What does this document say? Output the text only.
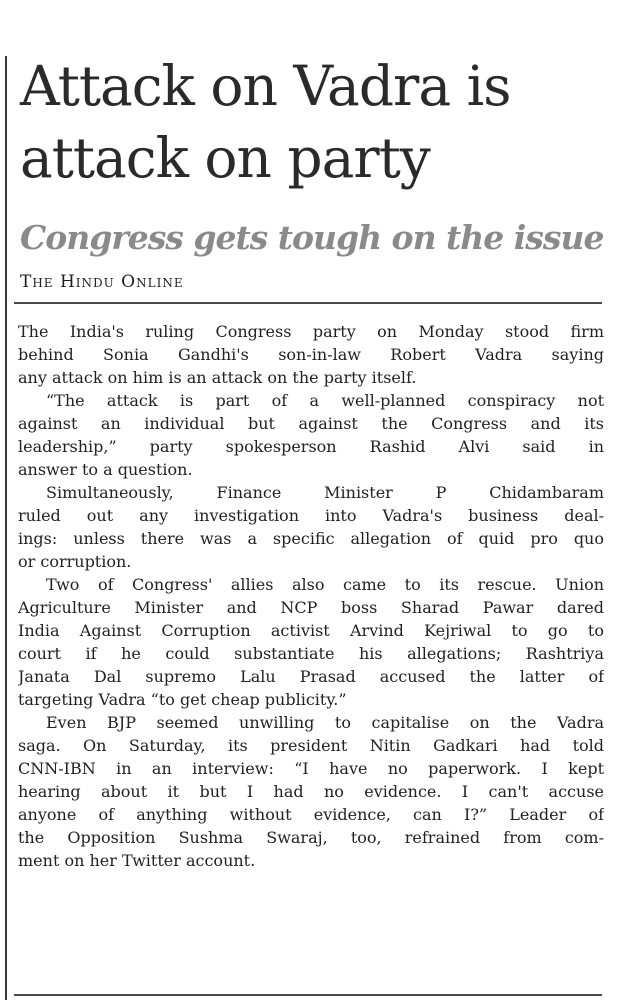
Attack on Vadra is
attack on party
Congress gets tough on the issue
The Hindu Online
The India's ruling Congress party on Monday stood firm
behind Sonia Gandhi's son-in-law Robert Vadra saying
any attack on him is an attack on the party itself.
“The attack is part of a well-planned conspiracy not
against an individual but against the Congress and its
leadership,” party spokesperson Rashid Alvi said in
answer to a question.
Simultaneously, Finance Minister P Chidambaram
ruled out any investigation into Vadra's business deal-
ings: unless there was a specific allegation of quid pro quo
or corruption.
Two of Congress' allies also came to its rescue. Union
Agriculture Minister and NCP boss Sharad Pawar dared
India Against Corruption activist Arvind Kejriwal to go to
court if he could substantiate his allegations; Rashtriya
Janata Dal supremo Lalu Prasad accused the latter of
targeting Vadra “to get cheap publicity.”
Even BJP seemed unwilling to capitalise on the Vadra
saga. On Saturday, its president Nitin Gadkari had told
CNN-IBN in an interview: “I have no paperwork. I kept
hearing about it but I had no evidence. I can't accuse
anyone of anything without evidence, can I?” Leader of
the Opposition Sushma Swaraj, too, refrained from com-
ment on her Twitter account.
